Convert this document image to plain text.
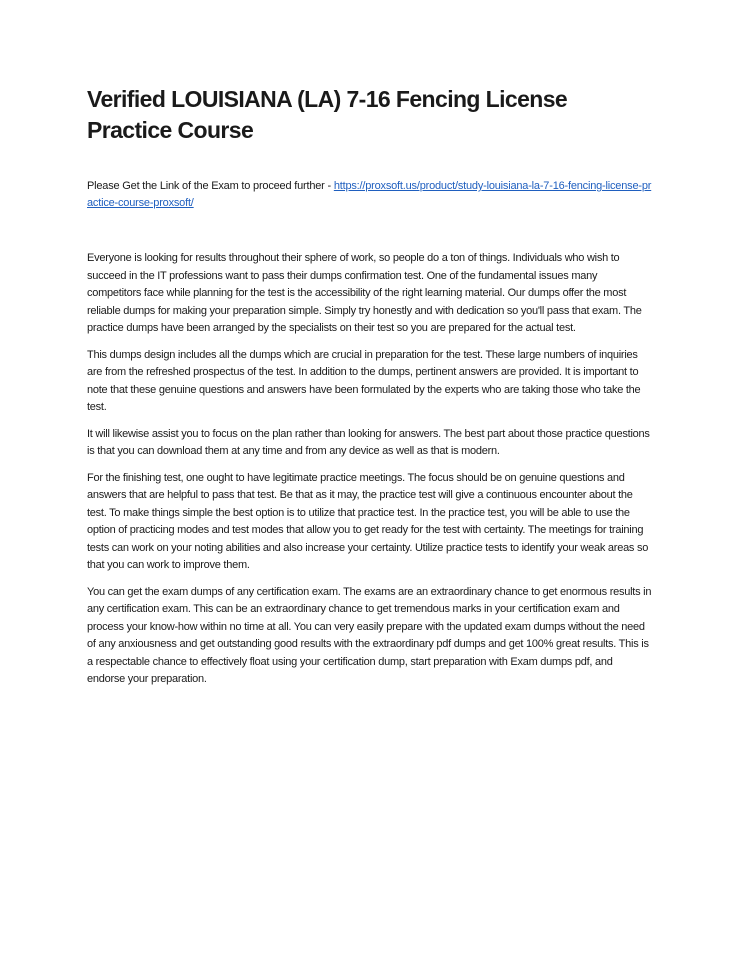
Verified LOUISIANA (LA) 7-16 Fencing License Practice Course
Please Get the Link of the Exam to proceed further - https://proxsoft.us/product/study-louisiana-la-7-16-fencing-license-practice-course-proxsoft/

Everyone is looking for results throughout their sphere of work, so people do a ton of things. Individuals who wish to succeed in the IT professions want to pass their dumps confirmation test. One of the fundamental issues many competitors face while planning for the test is the accessibility of the right learning material. Our dumps offer the most reliable dumps for making your preparation simple. Simply try honestly and with dedication so you'll pass that exam. The practice dumps have been arranged by the specialists on their test so you are prepared for the actual test.

This dumps design includes all the dumps which are crucial in preparation for the test. These large numbers of inquiries are from the refreshed prospectus of the test. In addition to the dumps, pertinent answers are provided. It is important to note that these genuine questions and answers have been formulated by the experts who are taking those who take the test.

It will likewise assist you to focus on the plan rather than looking for answers. The best part about those practice questions is that you can download them at any time and from any device as well as that is modern.

For the finishing test, one ought to have legitimate practice meetings. The focus should be on genuine questions and answers that are helpful to pass that test. Be that as it may, the practice test will give a continuous encounter about the test. To make things simple the best option is to utilize that practice test. In the practice test, you will be able to use the option of practicing modes and test modes that allow you to get ready for the test with certainty. The meetings for training tests can work on your noting abilities and also increase your certainty. Utilize practice tests to identify your weak areas so that you can work to improve them.

You can get the exam dumps of any certification exam. The exams are an extraordinary chance to get enormous results in any certification exam. This can be an extraordinary chance to get tremendous marks in your certification exam and process your know-how within no time at all. You can very easily prepare with the updated exam dumps without the need of any anxiousness and get outstanding good results with the extraordinary pdf dumps and get 100% great results. This is a respectable chance to effectively float using your certification dump, start preparation with Exam dumps pdf, and endorse your preparation.
